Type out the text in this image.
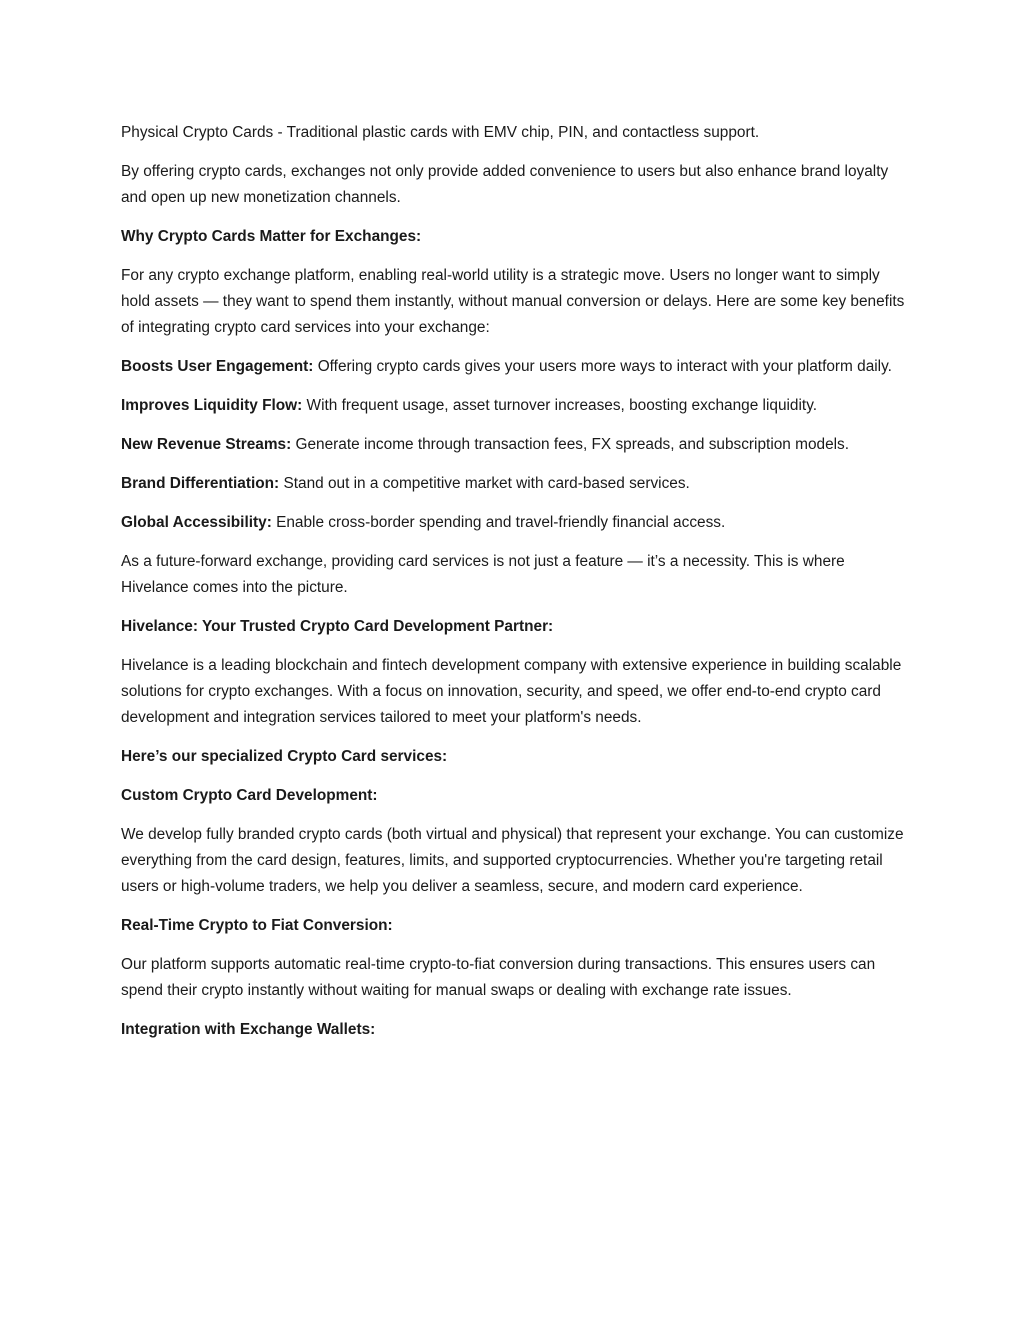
Physical Crypto Cards - Traditional plastic cards with EMV chip, PIN, and contactless support.

By offering crypto cards, exchanges not only provide added convenience to users but also enhance brand loyalty and open up new monetization channels.

Why Crypto Cards Matter for Exchanges:

For any crypto exchange platform, enabling real-world utility is a strategic move. Users no longer want to simply hold assets — they want to spend them instantly, without manual conversion or delays. Here are some key benefits of integrating crypto card services into your exchange:

Boosts User Engagement: Offering crypto cards gives your users more ways to interact with your platform daily.

Improves Liquidity Flow: With frequent usage, asset turnover increases, boosting exchange liquidity.

New Revenue Streams: Generate income through transaction fees, FX spreads, and subscription models.

Brand Differentiation: Stand out in a competitive market with card-based services.

Global Accessibility: Enable cross-border spending and travel-friendly financial access.

As a future-forward exchange, providing card services is not just a feature — it’s a necessity. This is where Hivelance comes into the picture.

Hivelance: Your Trusted Crypto Card Development Partner:

Hivelance is a leading blockchain and fintech development company with extensive experience in building scalable solutions for crypto exchanges. With a focus on innovation, security, and speed, we offer end-to-end crypto card development and integration services tailored to meet your platform's needs.

Here’s our specialized Crypto Card services:

Custom Crypto Card Development:

We develop fully branded crypto cards (both virtual and physical) that represent your exchange. You can customize everything from the card design, features, limits, and supported cryptocurrencies. Whether you're targeting retail users or high-volume traders, we help you deliver a seamless, secure, and modern card experience.

Real-Time Crypto to Fiat Conversion:

Our platform supports automatic real-time crypto-to-fiat conversion during transactions. This ensures users can spend their crypto instantly without waiting for manual swaps or dealing with exchange rate issues.

Integration with Exchange Wallets:
